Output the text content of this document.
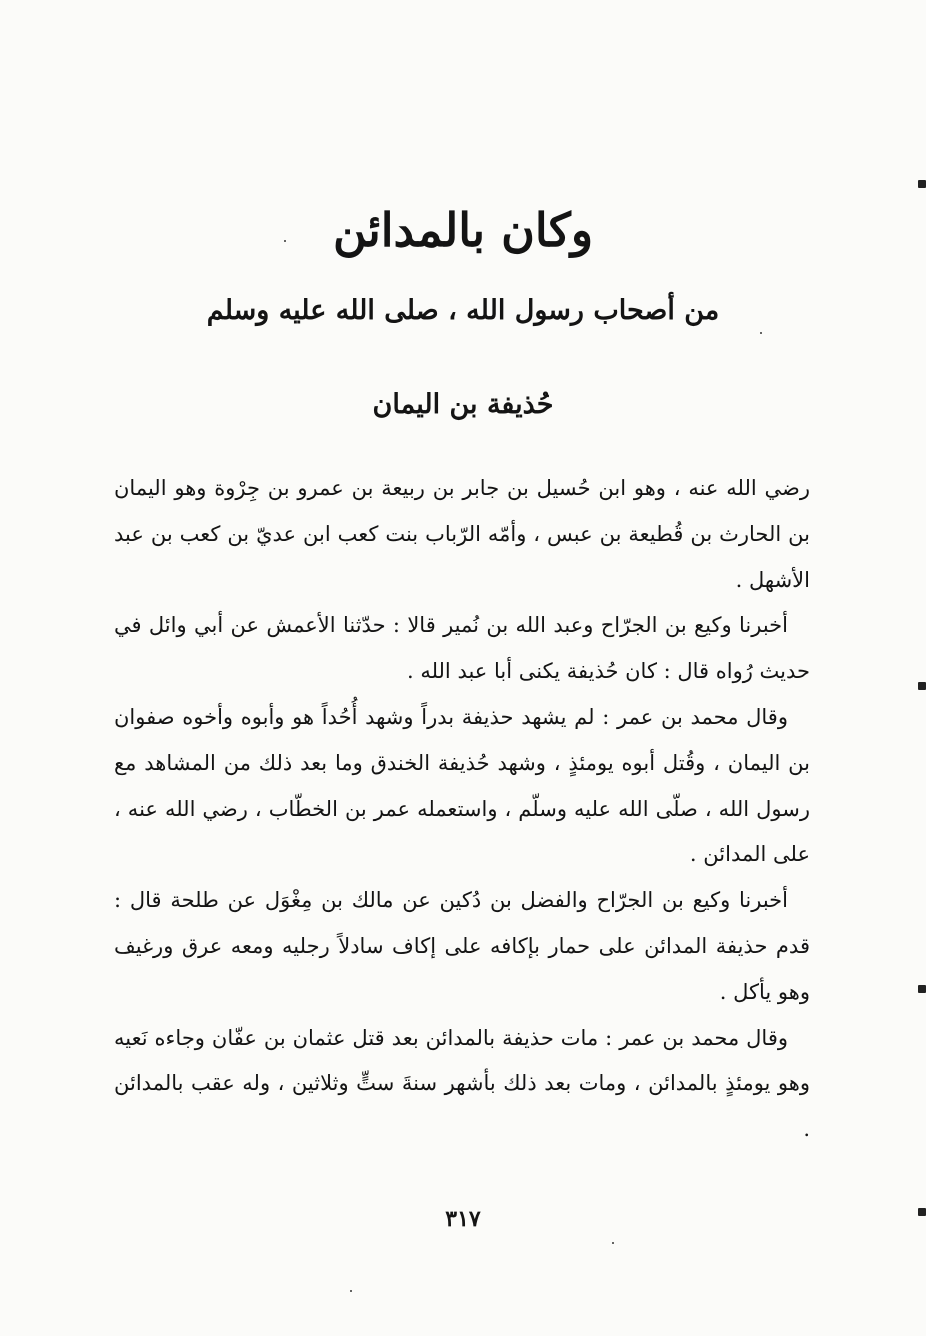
وكان بالمدائن
من أصحاب رسول الله ، صلى الله عليه وسلم
حُذيفة بن اليمان

رضي الله عنه ، وهو ابن حُسيل بن جابر بن ربيعة بن عمرو بن جِرْوة وهو اليمان بن الحارث بن قُطيعة بن عبس ، وأمّه الرّباب بنت كعب ابن عديّ بن كعب بن عبد الأشهل .

أخبرنا وكيع بن الجرّاح وعبد الله بن نُمير قالا : حدّثنا الأعمش عن أبي وائل في حديث رُواه قال : كان حُذيفة يكنى أبا عبد الله .

وقال محمد بن عمر : لم يشهد حذيفة بدراً وشهد أُحُداً هو وأبوه وأخوه صفوان بن اليمان ، وقُتل أبوه يومئذٍ ، وشهد حُذيفة الخندق وما بعد ذلك من المشاهد مع رسول الله ، صلّى الله عليه وسلّم ، واستعمله عمر بن الخطّاب ، رضي الله عنه ، على المدائن .

أخبرنا وكيع بن الجرّاح والفضل بن دُكين عن مالك بن مِغْوَل عن طلحة قال : قدم حذيفة المدائن على حمار بإكافه على إكاف سادلاً رجليه ومعه عرق ورغيف وهو يأكل .

وقال محمد بن عمر : مات حذيفة بالمدائن بعد قتل عثمان بن عفّان وجاءه نَعيه وهو يومئذٍ بالمدائن ، ومات بعد ذلك بأشهر سنةَ ستٍّ وثلاثين ، وله عقب بالمدائن .

٣١٧
